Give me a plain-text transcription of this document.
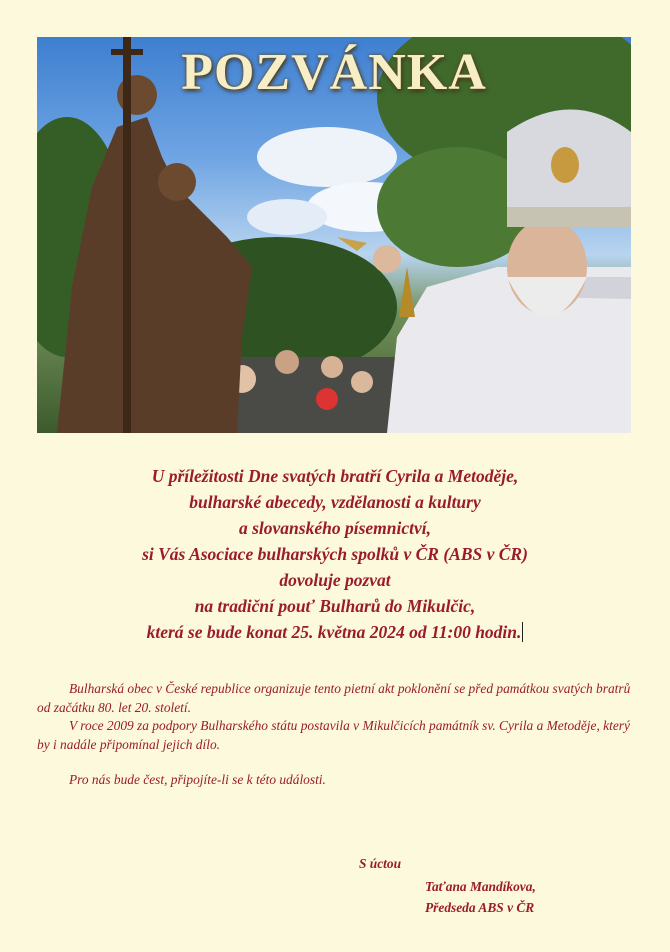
POZVÁNKA
U příležitosti Dne svatých bratří Cyrila a Metoděje,
bulharské abecedy, vzdělanosti a kultury
a slovanského písemnictví,
si Vás Asociace bulharských spolků v ČR (ABS v ČR)
dovoluje pozvat
na tradiční pouť Bulharů do Mikulčic,
která se bude konat 25. května 2024 od 11:00 hodin.

Bulharská obec v České republice organizuje tento pietní akt poklonění se před památkou svatých bratrů od začátku 80. let 20. století.

V roce 2009 za podpory Bulharského státu postavila v Mikulčicích památník sv. Cyrila a Metoděje, který by i nadále připomínal jejich dílo.

Pro nás bude čest, připojíte-li se k této události.

S úctou
Taťana Mandíkova,
Předseda ABS v ČR
